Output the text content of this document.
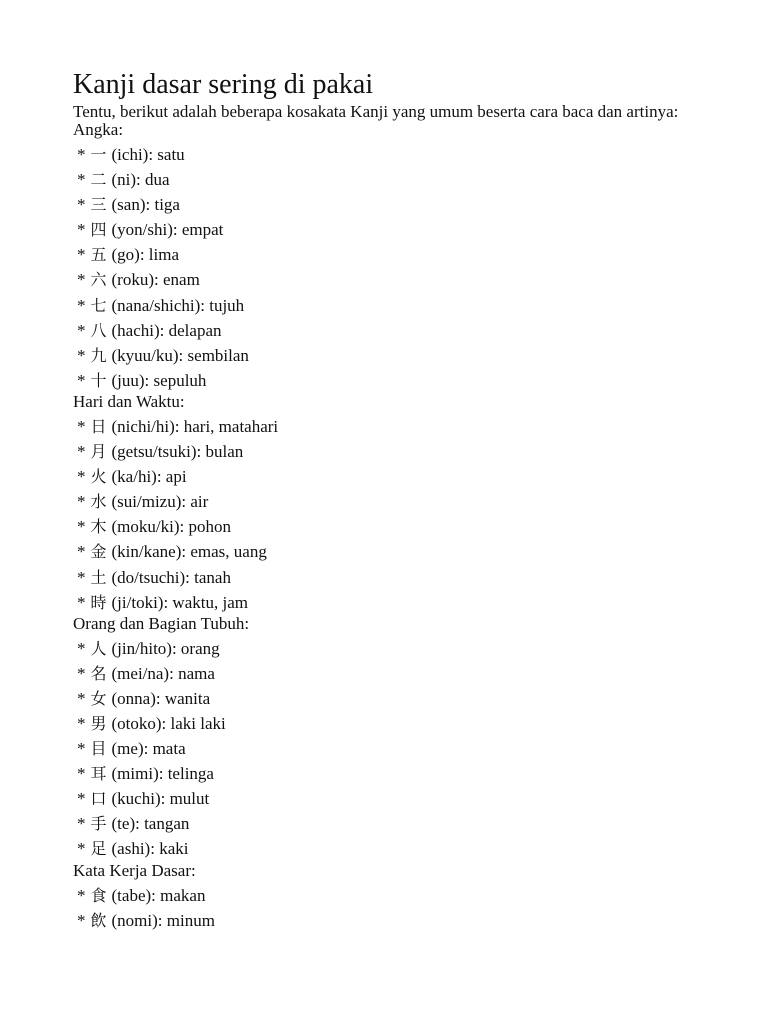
Kanji dasar sering di pakai

Tentu, berikut adalah beberapa kosakata Kanji yang umum beserta cara baca dan artinya:

Angka:
* 一 (ichi): satu
* 二 (ni): dua
* 三 (san): tiga
* 四 (yon/shi): empat
* 五 (go): lima
* 六 (roku): enam
* 七 (nana/shichi): tujuh
* 八 (hachi): delapan
* 九 (kyuu/ku): sembilan
* 十 (juu): sepuluh
Hari dan Waktu:
* 日 (nichi/hi): hari, matahari
* 月 (getsu/tsuki): bulan
* 火 (ka/hi): api
* 水 (sui/mizu): air
* 木 (moku/ki): pohon
* 金 (kin/kane): emas, uang
* 土 (do/tsuchi): tanah
* 時 (ji/toki): waktu, jam
Orang dan Bagian Tubuh:
* 人 (jin/hito): orang
* 名 (mei/na): nama
* 女 (onna): wanita
* 男 (otoko): laki laki
* 目 (me): mata
* 耳 (mimi): telinga
* 口 (kuchi): mulut
* 手 (te): tangan
* 足 (ashi): kaki
Kata Kerja Dasar:
* 食 (tabe): makan
* 飲 (nomi): minum
